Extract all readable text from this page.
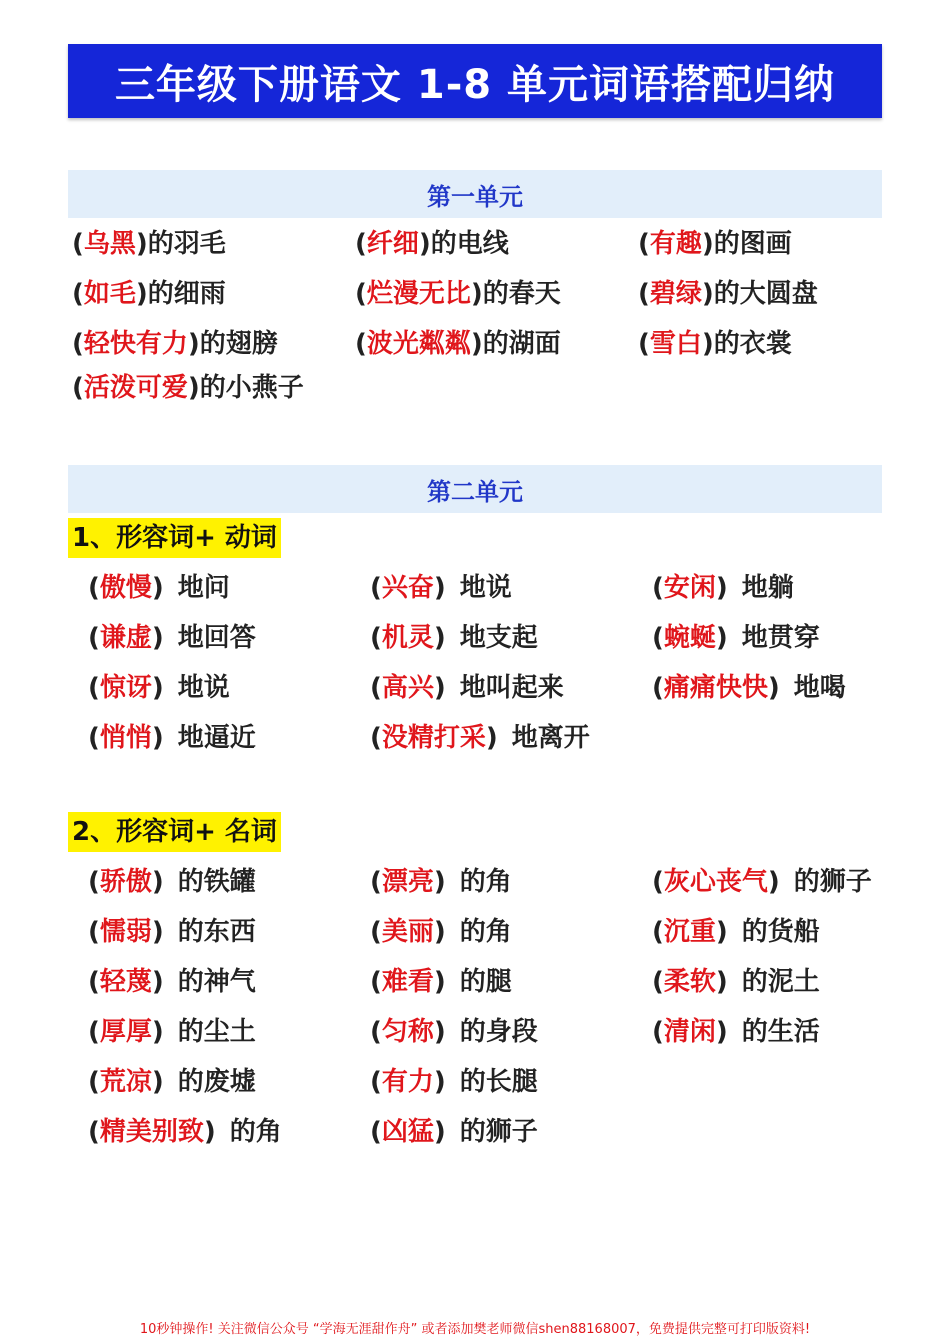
三年级下册语文 1-8 单元词语搭配归纳
第一单元
(乌黑)的羽毛	(纤细)的电线	(有趣)的图画
(如毛)的细雨	(烂漫无比)的春天	(碧绿)的大圆盘
(轻快有力)的翅膀	(波光粼粼)的湖面	(雪白)的衣裳
(活泼可爱)的小燕子
第二单元
1、形容词+ 动词
(傲慢) 地问	(兴奋) 地说	(安闲) 地躺
(谦虚) 地回答	(机灵) 地支起	(蜿蜒) 地贯穿
(惊讶) 地说	(高兴) 地叫起来	(痛痛快快) 地喝
(悄悄) 地逼近	(没精打采) 地离开
2、形容词+ 名词
(骄傲) 的铁罐	(漂亮) 的角	(灰心丧气) 的狮子
(懦弱) 的东西	(美丽) 的角	(沉重) 的货船
(轻蔑) 的神气	(难看) 的腿	(柔软) 的泥土
(厚厚) 的尘土	(匀称) 的身段	(清闲) 的生活
(荒凉) 的废墟	(有力) 的长腿
(精美别致) 的角	(凶猛) 的狮子
10秒钟操作! 关注微信公众号 “学海无涯甜作舟” 或者添加樊老师微信shen88168007，免费提供完整可打印版资料!
